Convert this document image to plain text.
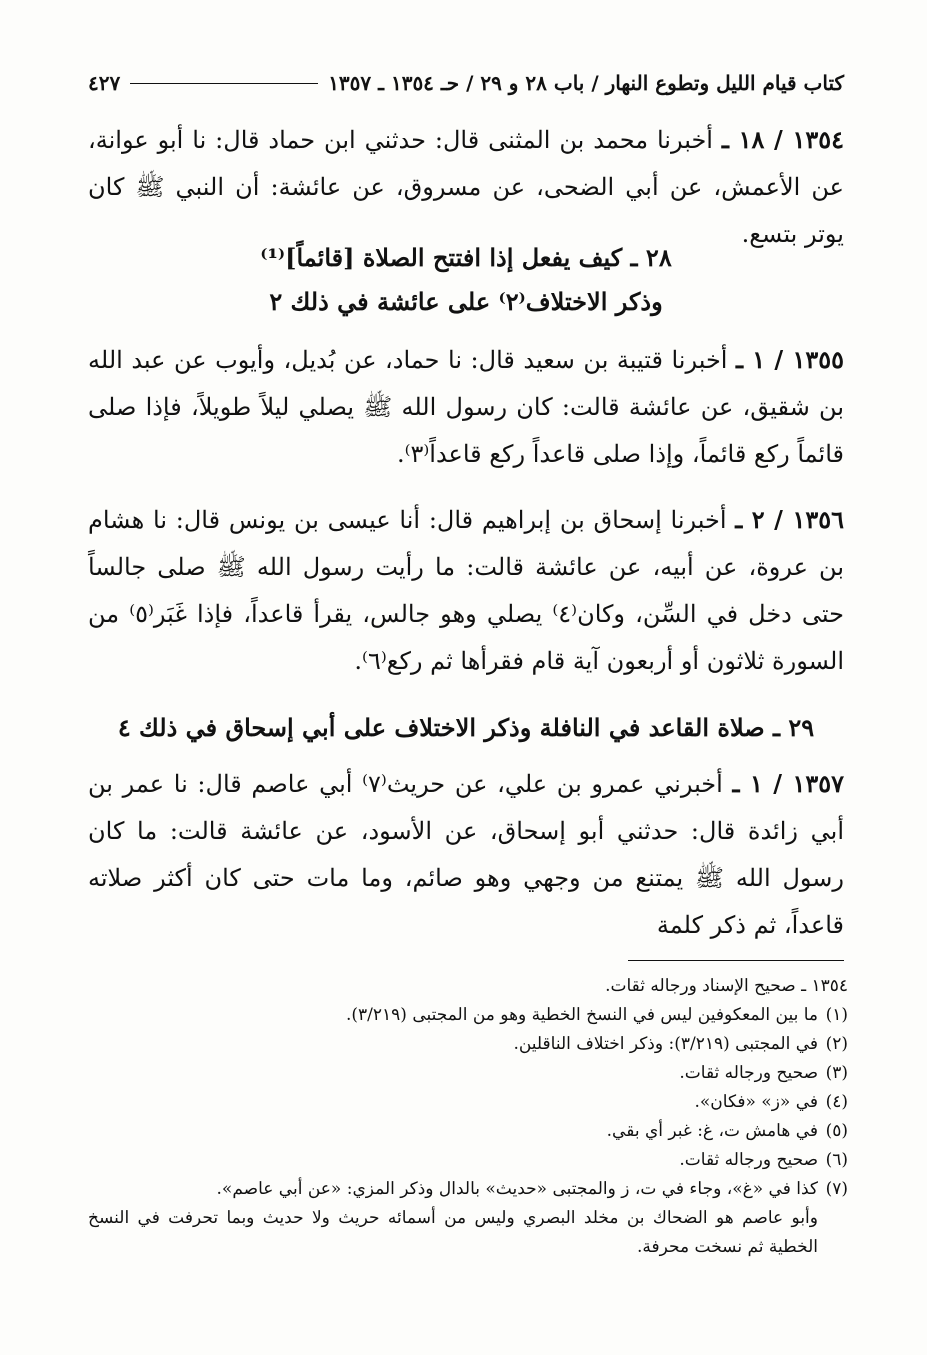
كتاب قيام الليل وتطوع النهار / باب ٢٨ و ٢٩ / حـ ١٣٥٤ ـ ١٣٥٧
٤٢٧
١٣٥٤ / ١٨ ـ أخبرنا محمد بن المثنى قال: حدثني ابن حماد قال: نا أبو عوانة، عن الأعمش، عن أبي الضحى، عن مسروق، عن عائشة: أن النبي ﷺ كان يوتر بتسع.
٢٨ ـ كيف يفعل إذا افتتح الصلاة [قائماً]⁽¹⁾
وذكر الاختلاف⁽٢⁾ على عائشة في ذلك ٢
١٣٥٥ / ١ ـ أخبرنا قتيبة بن سعيد قال: نا حماد، عن بُديل، وأيوب عن عبد الله بن شقيق، عن عائشة قالت: كان رسول الله ﷺ يصلي ليلاً طويلاً، فإذا صلى قائماً ركع قائماً، وإذا صلى قاعداً ركع قاعداً⁽٣⁾.
١٣٥٦ / ٢ ـ أخبرنا إسحاق بن إبراهيم قال: أنا عيسى بن يونس قال: نا هشام بن عروة، عن أبيه، عن عائشة قالت: ما رأيت رسول الله ﷺ صلى جالساً حتى دخل في السِّن، وكان⁽٤⁾ يصلي وهو جالس، يقرأ قاعداً، فإذا غَبَر⁽٥⁾ من السورة ثلاثون أو أربعون آية قام فقرأها ثم ركع⁽٦⁾.
٢٩ ـ صلاة القاعد في النافلة وذكر الاختلاف على أبي إسحاق في ذلك ٤
١٣٥٧ / ١ ـ أخبرني عمرو بن علي، عن حريث⁽٧⁾ أبي عاصم قال: نا عمر بن أبي زائدة قال: حدثني أبو إسحاق، عن الأسود، عن عائشة قالت: ما كان رسول الله ﷺ يمتنع من وجهي وهو صائم، وما مات حتى كان أكثر صلاته قاعداً، ثم ذكر كلمة
١٣٥٤ ـ صحيح الإسناد ورجاله ثقات.
(١)ما بين المعكوفين ليس في النسخ الخطية وهو من المجتبى (٣/٢١٩).
(٢)في المجتبى (٣/٢١٩): وذكر اختلاف الناقلين.
(٣)صحيح ورجاله ثقات.
(٤)في «ز» «فكان».
(٥)في هامش ت، غ: غبر أي بقي.
(٦)صحيح ورجاله ثقات.
(٧)كذا في «غ»، وجاء في ت، ز والمجتبى «حديث» بالدال وذكر المزي: «عن أبي عاصم».
وأبو عاصم هو الضحاك بن مخلد البصري وليس من أسمائه حريث ولا حديث وبما تحرفت في النسخ الخطية ثم نسخت محرفة.
